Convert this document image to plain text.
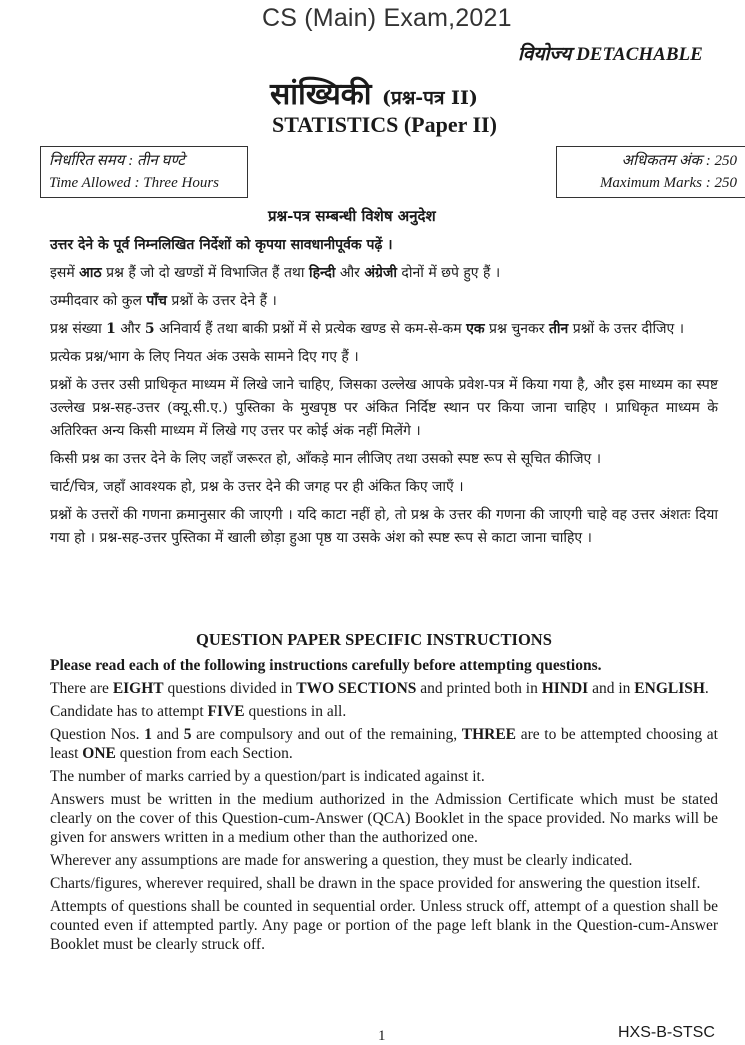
CS (Main) Exam,2021
वियोज्य DETACHABLE
सांख्यिकी (प्रश्न-पत्र II)
STATISTICS (Paper II)
निर्धारित समय : तीन घण्टे
Time Allowed : Three Hours
अधिकतम अंक : 250
Maximum Marks : 250
प्रश्न-पत्र सम्बन्धी विशेष अनुदेश

उत्तर देने के पूर्व निम्नलिखित निर्देशों को कृपया सावधानीपूर्वक पढ़ें ।

इसमें आठ प्रश्न हैं जो दो खण्डों में विभाजित हैं तथा हिन्दी और अंग्रेजी दोनों में छपे हुए हैं ।

उम्मीदवार को कुल पाँच प्रश्नों के उत्तर देने हैं ।

प्रश्न संख्या 1 और 5 अनिवार्य हैं तथा बाकी प्रश्नों में से प्रत्येक खण्ड से कम-से-कम एक प्रश्न चुनकर तीन प्रश्नों के उत्तर दीजिए ।

प्रत्येक प्रश्न/भाग के लिए नियत अंक उसके सामने दिए गए हैं ।

प्रश्नों के उत्तर उसी प्राधिकृत माध्यम में लिखे जाने चाहिए, जिसका उल्लेख आपके प्रवेश-पत्र में किया गया है, और इस माध्यम का स्पष्ट उल्लेख प्रश्न-सह-उत्तर (क्यू.सी.ए.) पुस्तिका के मुखपृष्ठ पर अंकित निर्दिष्ट स्थान पर किया जाना चाहिए । प्राधिकृत माध्यम के अतिरिक्त अन्य किसी माध्यम में लिखे गए उत्तर पर कोई अंक नहीं मिलेंगे ।

किसी प्रश्न का उत्तर देने के लिए जहाँ जरूरत हो, आँकड़े मान लीजिए तथा उसको स्पष्ट रूप से सूचित कीजिए ।

चार्ट/चित्र, जहाँ आवश्यक हो, प्रश्न के उत्तर देने की जगह पर ही अंकित किए जाएँ ।

प्रश्नों के उत्तरों की गणना क्रमानुसार की जाएगी । यदि काटा नहीं हो, तो प्रश्न के उत्तर की गणना की जाएगी चाहे वह उत्तर अंशतः दिया गया हो । प्रश्न-सह-उत्तर पुस्तिका में खाली छोड़ा हुआ पृष्ठ या उसके अंश को स्पष्ट रूप से काटा जाना चाहिए ।

QUESTION PAPER SPECIFIC INSTRUCTIONS

Please read each of the following instructions carefully before attempting questions.

There are EIGHT questions divided in TWO SECTIONS and printed both in HINDI and in ENGLISH.

Candidate has to attempt FIVE questions in all.

Question Nos. 1 and 5 are compulsory and out of the remaining, THREE are to be attempted choosing at least ONE question from each Section.

The number of marks carried by a question/part is indicated against it.

Answers must be written in the medium authorized in the Admission Certificate which must be stated clearly on the cover of this Question-cum-Answer (QCA) Booklet in the space provided. No marks will be given for answers written in a medium other than the authorized one.

Wherever any assumptions are made for answering a question, they must be clearly indicated.

Charts/figures, wherever required, shall be drawn in the space provided for answering the question itself.

Attempts of questions shall be counted in sequential order. Unless struck off, attempt of a question shall be counted even if attempted partly. Any page or portion of the page left blank in the Question-cum-Answer Booklet must be clearly struck off.

1	HXS-B-STSC
